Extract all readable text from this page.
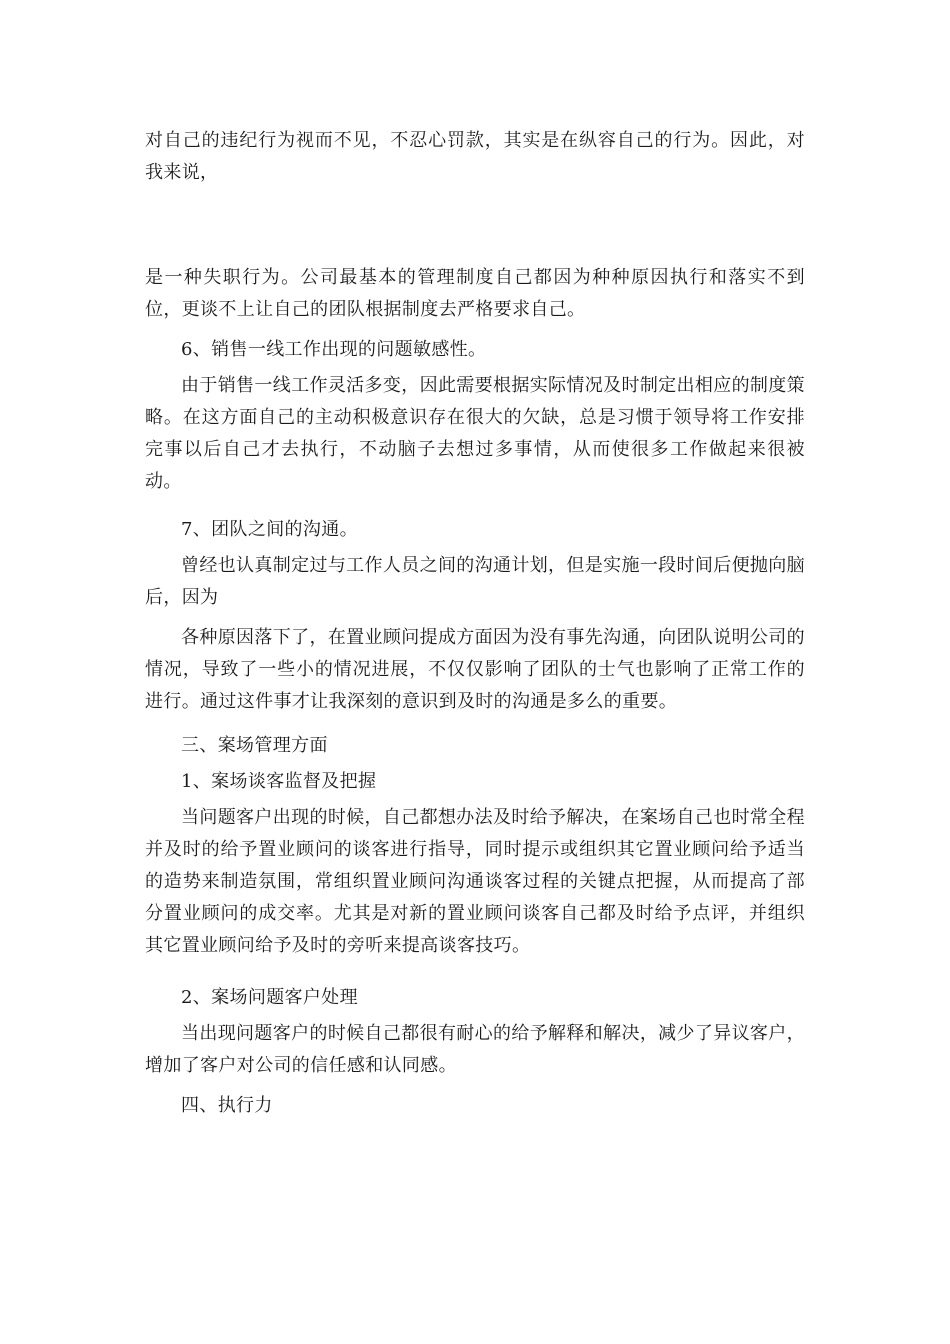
对自己的违纪行为视而不见，不忍心罚款，其实是在纵容自己的行为。因此，对我来说，

是一种失职行为。公司最基本的管理制度自己都因为种种原因执行和落实不到位，更谈不上让自己的团队根据制度去严格要求自己。

6、销售一线工作出现的问题敏感性。

由于销售一线工作灵活多变，因此需要根据实际情况及时制定出相应的制度策略。在这方面自己的主动积极意识存在很大的欠缺，总是习惯于领导将工作安排完事以后自己才去执行，不动脑子去想过多事情，从而使很多工作做起来很被动。

7、团队之间的沟通。

曾经也认真制定过与工作人员之间的沟通计划，但是实施一段时间后便抛向脑后，因为

各种原因落下了，在置业顾问提成方面因为没有事先沟通，向团队说明公司的情况，导致了一些小的情况进展，不仅仅影响了团队的士气也影响了正常工作的进行。通过这件事才让我深刻的意识到及时的沟通是多么的重要。

三、案场管理方面

1、案场谈客监督及把握

当问题客户出现的时候，自己都想办法及时给予解决，在案场自己也时常全程并及时的给予置业顾问的谈客进行指导，同时提示或组织其它置业顾问给予适当的造势来制造氛围，常组织置业顾问沟通谈客过程的关键点把握，从而提高了部分置业顾问的成交率。尤其是对新的置业顾问谈客自己都及时给予点评，并组织其它置业顾问给予及时的旁听来提高谈客技巧。

2、案场问题客户处理

当出现问题客户的时候自己都很有耐心的给予解释和解决，减少了异议客户，增加了客户对公司的信任感和认同感。

四、执行力
